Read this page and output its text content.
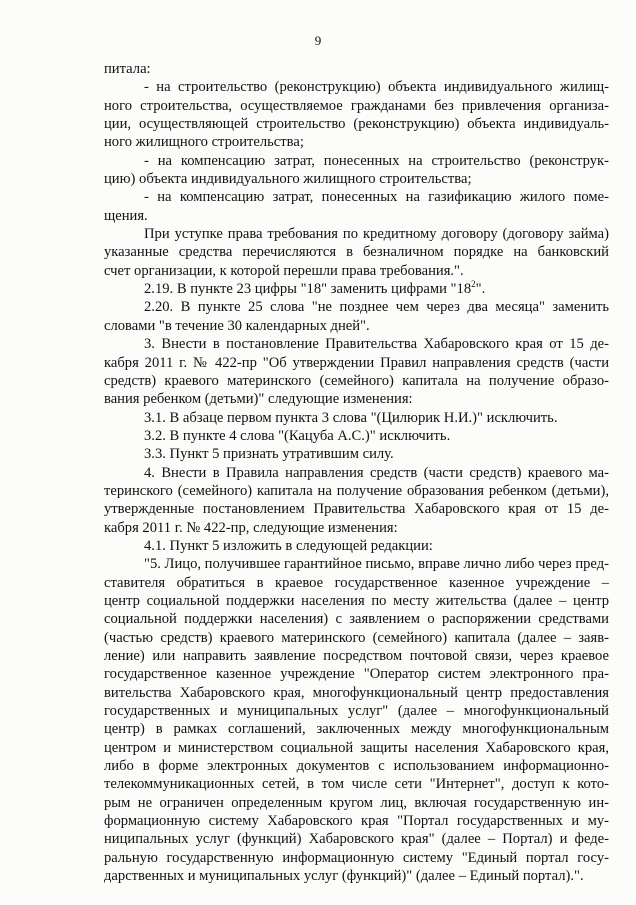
9
питала:
- на строительство (реконструкцию) объекта индивидуального жилищ-
ного строительства, осуществляемое гражданами без привлечения организа-
ции, осуществляющей строительство (реконструкцию) объекта индивидуаль-
ного жилищного строительства;
- на компенсацию затрат, понесенных на строительство (реконструк-
цию) объекта индивидуального жилищного строительства;
- на компенсацию затрат, понесенных на газификацию жилого поме-
щения.
При уступке права требования по кредитному договору (договору займа)
указанные средства перечисляются в безналичном порядке на банковский
счет организации, к которой перешли права требования.".
2.19. В пункте 23 цифры "18" заменить цифрами "$18^2$".
2.20. В пункте 25 слова "не позднее чем через два месяца" заменить
словами "в течение 30 календарных дней".
3. Внести в постановление Правительства Хабаровского края от 15 де-
кабря 2011 г. № 422-пр "Об утверждении Правил направления средств (части
средств) краевого материнского (семейного) капитала на получение образо-
вания ребенком (детьми)" следующие изменения:
3.1. В абзаце первом пункта 3 слова "(Цилюрик Н.И.)" исключить.
3.2. В пункте 4 слова "(Кацуба А.С.)" исключить.
3.3. Пункт 5 признать утратившим силу.
4. Внести в Правила направления средств (части средств) краевого ма-
теринского (семейного) капитала на получение образования ребенком (детьми),
утвержденные постановлением Правительства Хабаровского края от 15 де-
кабря 2011 г. № 422-пр, следующие изменения:
4.1. Пункт 5 изложить в следующей редакции:
"5. Лицо, получившее гарантийное письмо, вправе лично либо через пред-
ставителя обратиться в краевое государственное казенное учреждение –
центр социальной поддержки населения по месту жительства (далее – центр
социальной поддержки населения) с заявлением о распоряжении средствами
(частью средств) краевого материнского (семейного) капитала (далее – заяв-
ление) или направить заявление посредством почтовой связи, через краевое
государственное казенное учреждение "Оператор систем электронного пра-
вительства Хабаровского края, многофункциональный центр предоставления
государственных и муниципальных услуг" (далее – многофункциональный
центр) в рамках соглашений, заключенных между многофункциональным
центром и министерством социальной защиты населения Хабаровского края,
либо в форме электронных документов с использованием информационно-
телекоммуникационных сетей, в том числе сети "Интернет", доступ к кото-
рым не ограничен определенным кругом лиц, включая государственную ин-
формационную систему Хабаровского края "Портал государственных и му-
ниципальных услуг (функций) Хабаровского края" (далее – Портал) и феде-
ральную государственную информационную систему "Единый портал госу-
дарственных и муниципальных услуг (функций)" (далее – Единый портал).".
